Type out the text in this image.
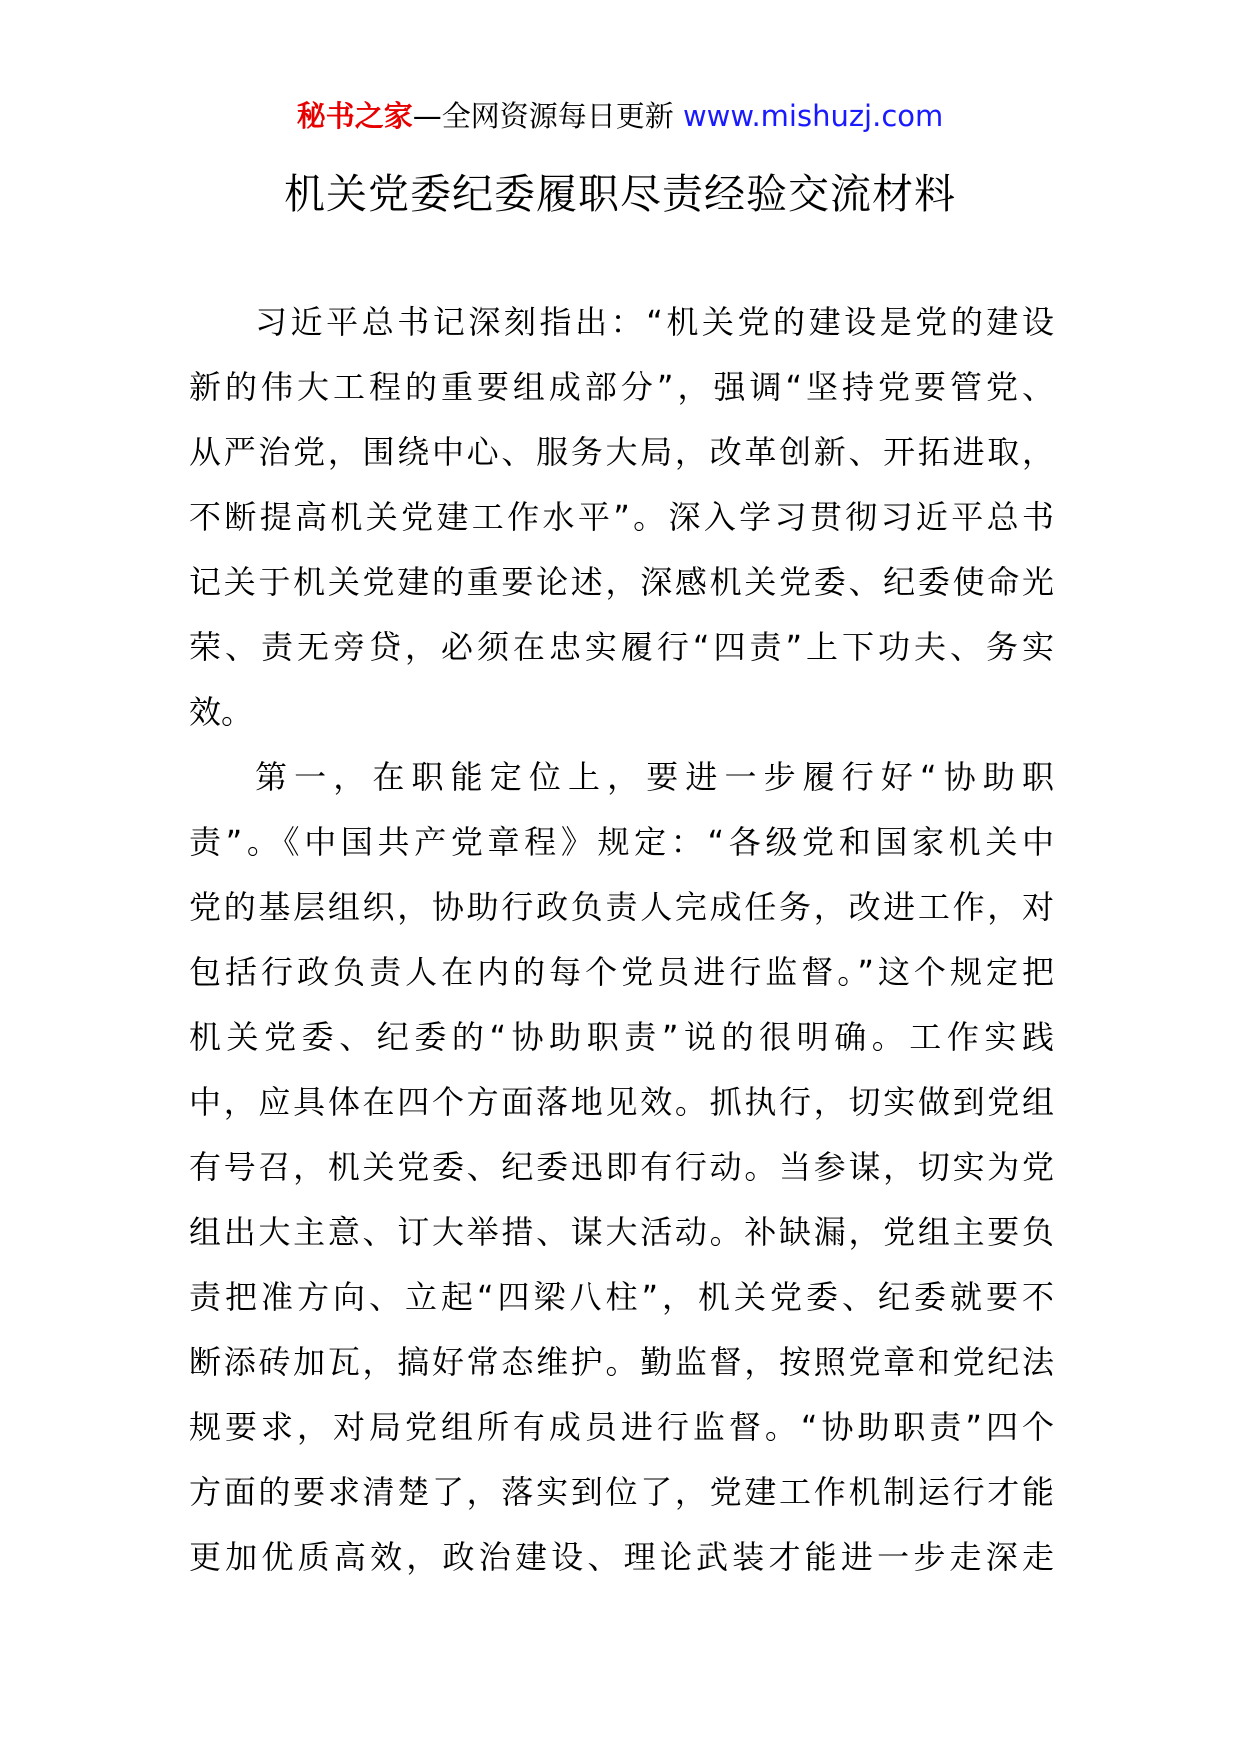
秘书之家—全网资源每日更新 www.mishuzj.com
机关党委纪委履职尽责经验交流材料
习近平总书记深刻指出：“机关党的建设是党的建设
新的伟大工程的重要组成部分”，强调“坚持党要管党、
从严治党，围绕中心、服务大局，改革创新、开拓进取，
不断提高机关党建工作水平”。深入学习贯彻习近平总书
记关于机关党建的重要论述，深感机关党委、纪委使命光
荣、责无旁贷，必须在忠实履行“四责”上下功夫、务实
效。
第一，在职能定位上，要进一步履行好“协助职
责”。《中国共产党章程》规定：“各级党和国家机关中
党的基层组织，协助行政负责人完成任务，改进工作，对
包括行政负责人在内的每个党员进行监督。”这个规定把
机关党委、纪委的“协助职责”说的很明确。工作实践
中，应具体在四个方面落地见效。抓执行，切实做到党组
有号召，机关党委、纪委迅即有行动。当参谋，切实为党
组出大主意、订大举措、谋大活动。补缺漏，党组主要负
责把准方向、立起“四梁八柱”，机关党委、纪委就要不
断添砖加瓦，搞好常态维护。勤监督，按照党章和党纪法
规要求，对局党组所有成员进行监督。“协助职责”四个
方面的要求清楚了，落实到位了，党建工作机制运行才能
更加优质高效，政治建设、理论武装才能进一步走深走
